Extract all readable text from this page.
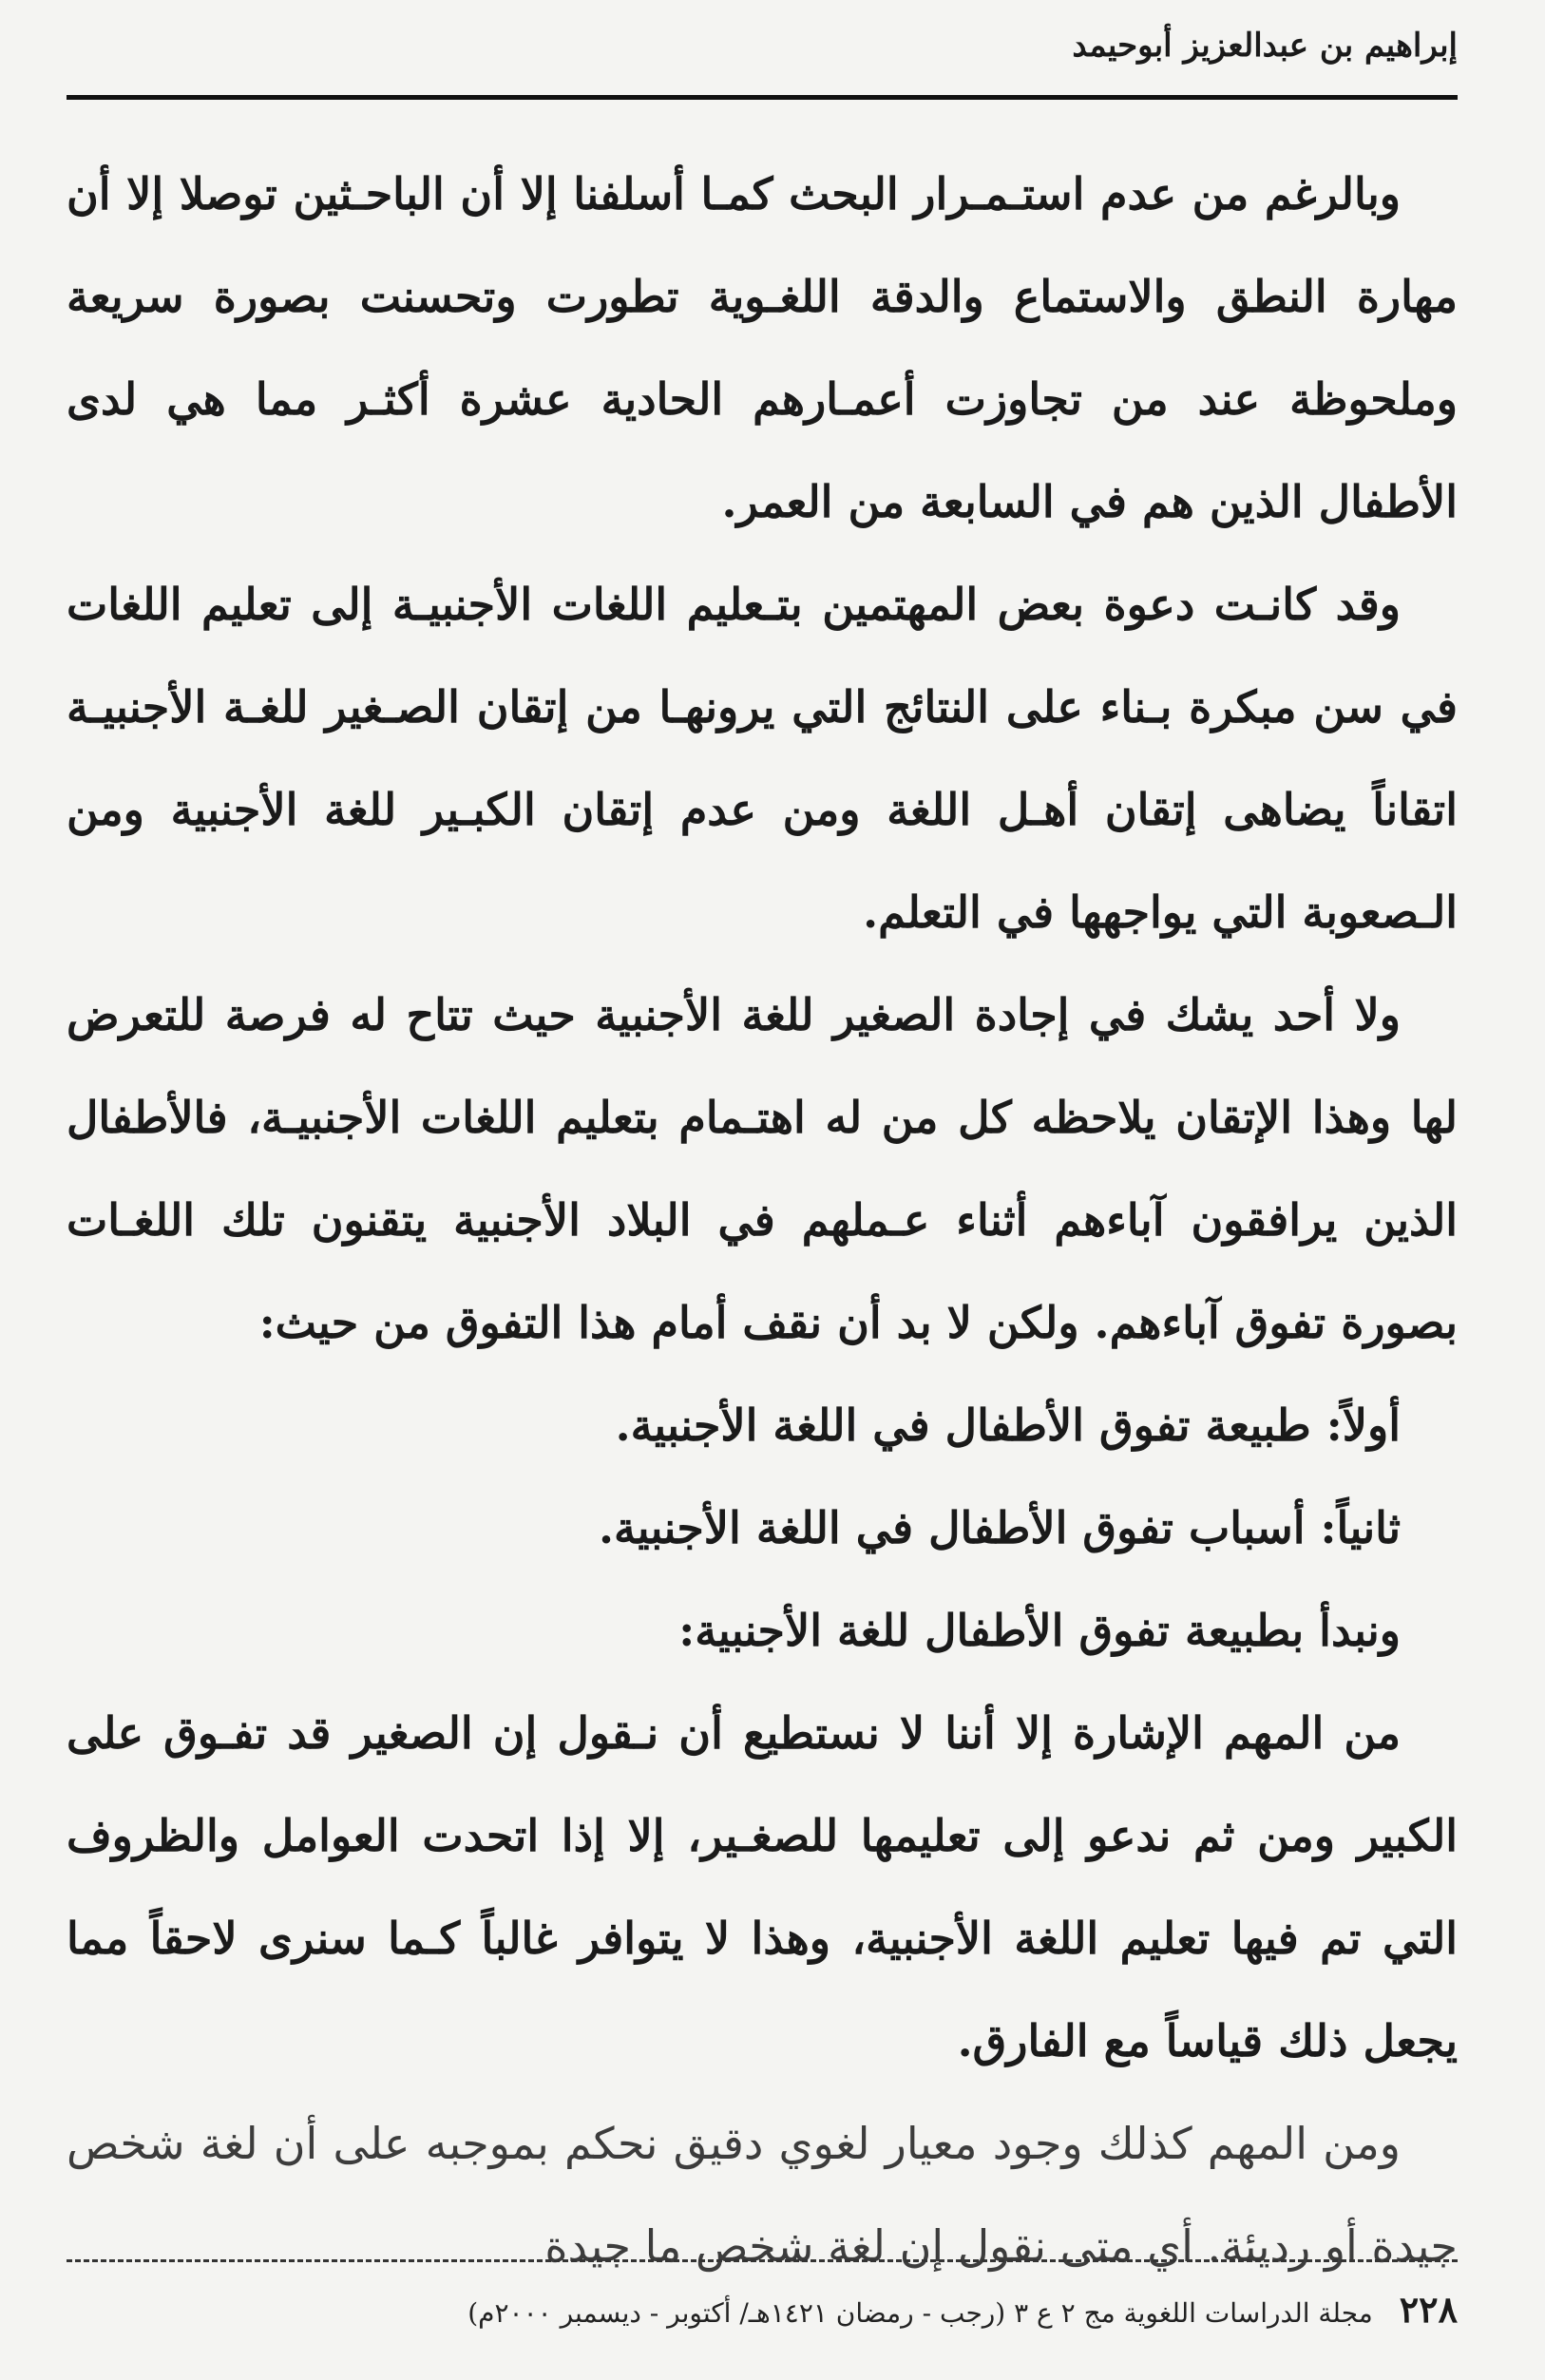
إبراهيم بن عبدالعزيز أبوحيمد

وبالرغم من عدم استـمـرار البحث كمـا أسلفنا إلا أن الباحـثين توصلا إلا أن مهارة النطق والاستماع والدقة اللغـوية تطورت وتحسنت بصورة سريعة وملحوظة عند من تجاوزت أعمـارهم الحادية عشرة أكثـر مما هي لدى الأطفال الذين هم في السابعة من العمر.

وقد كانـت دعوة بعض المهتمين بتـعليم اللغات الأجنبيـة إلى تعليم اللغات في سن مبكرة بـناء على النتائج التي يرونهـا من إتقان الصـغير للغـة الأجنبيـة اتقاناً يضاهى إتقان أهـل اللغة ومن عدم إتقان الكبـير للغة الأجنبية ومن الـصعوبة التي يواجهها في التعلم.

ولا أحد يشك في إجادة الصغير للغة الأجنبية حيث تتاح له فرصة للتعرض لها وهذا الإتقان يلاحظه كل من له اهتـمام بتعليم اللغات الأجنبيـة، فالأطفال الذين يرافقون آباءهم أثناء عـملهم في البلاد الأجنبية يتقنون تلك اللغـات بصورة تفوق آباءهم. ولكن لا بد أن نقف أمام هذا التفوق من حيث:

أولاً: طبيعة تفوق الأطفال في اللغة الأجنبية.

ثانياً: أسباب تفوق الأطفال في اللغة الأجنبية.

ونبدأ بطبيعة تفوق الأطفال للغة الأجنبية:

من المهم الإشارة إلا أننا لا نستطيع أن نـقول إن الصغير قد تفـوق على الكبير ومن ثم ندعو إلى تعليمها للصغـير، إلا إذا اتحدت العوامل والظروف التي تم فيها تعليم اللغة الأجنبية، وهذا لا يتوافر غالباً كـما سنرى لاحقاً مما يجعل ذلك قياساً مع الفارق.

ومن المهم كذلك وجود معيار لغوي دقيق نحكم بموجبه على أن لغة شخص جيدة أو رديئة. أي متى نقول إن لغة شخص ما جيدة

٢٢٨
مجلة الدراسات اللغوية مج ٢ ع ٣ (رجب - رمضان ١٤٢١هـ/ أكتوبر - ديسمبر ٢٠٠٠م)
